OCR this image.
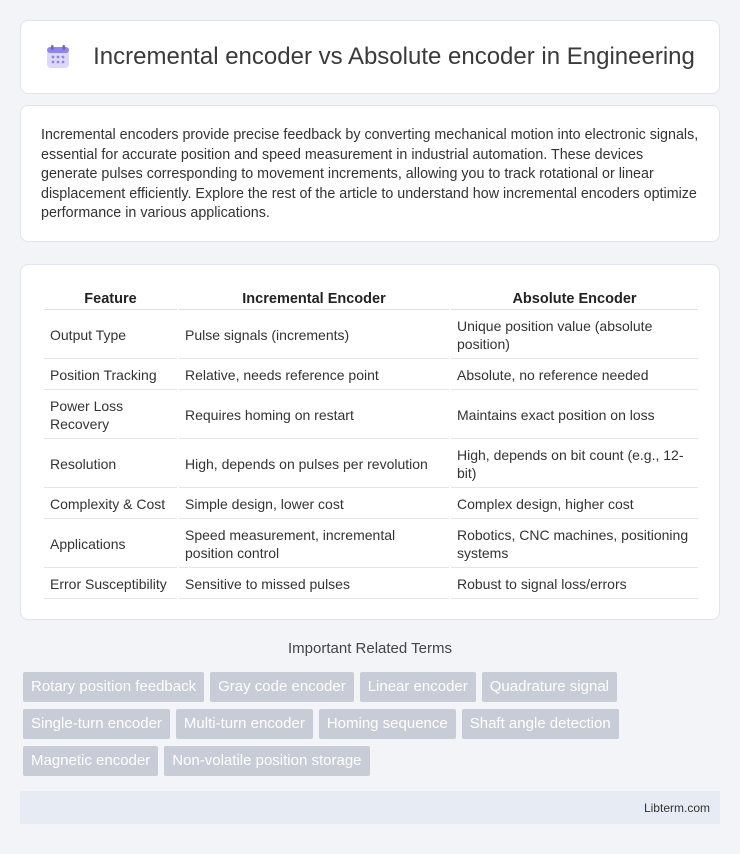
Incremental encoder vs Absolute encoder in Engineering

Incremental encoders provide precise feedback by converting mechanical motion into electronic signals, essential for accurate position and speed measurement in industrial automation. These devices generate pulses corresponding to movement increments, allowing you to track rotational or linear displacement efficiently. Explore the rest of the article to understand how incremental encoders optimize performance in various applications.

Feature	Incremental Encoder	Absolute Encoder
Output Type	Pulse signals (increments)	Unique position value (absolute position)
Position Tracking	Relative, needs reference point	Absolute, no reference needed
Power Loss Recovery	Requires homing on restart	Maintains exact position on loss
Resolution	High, depends on pulses per revolution	High, depends on bit count (e.g., 12-bit)
Complexity & Cost	Simple design, lower cost	Complex design, higher cost
Applications	Speed measurement, incremental position control	Robotics, CNC machines, positioning systems
Error Susceptibility	Sensitive to missed pulses	Robust to signal loss/errors
Important Related Terms
Rotary position feedback	Gray code encoder	Linear encoder	Quadrature signal
Single-turn encoder	Multi-turn encoder	Homing sequence	Shaft angle detection
Magnetic encoder	Non-volatile position storage
Libterm.com
